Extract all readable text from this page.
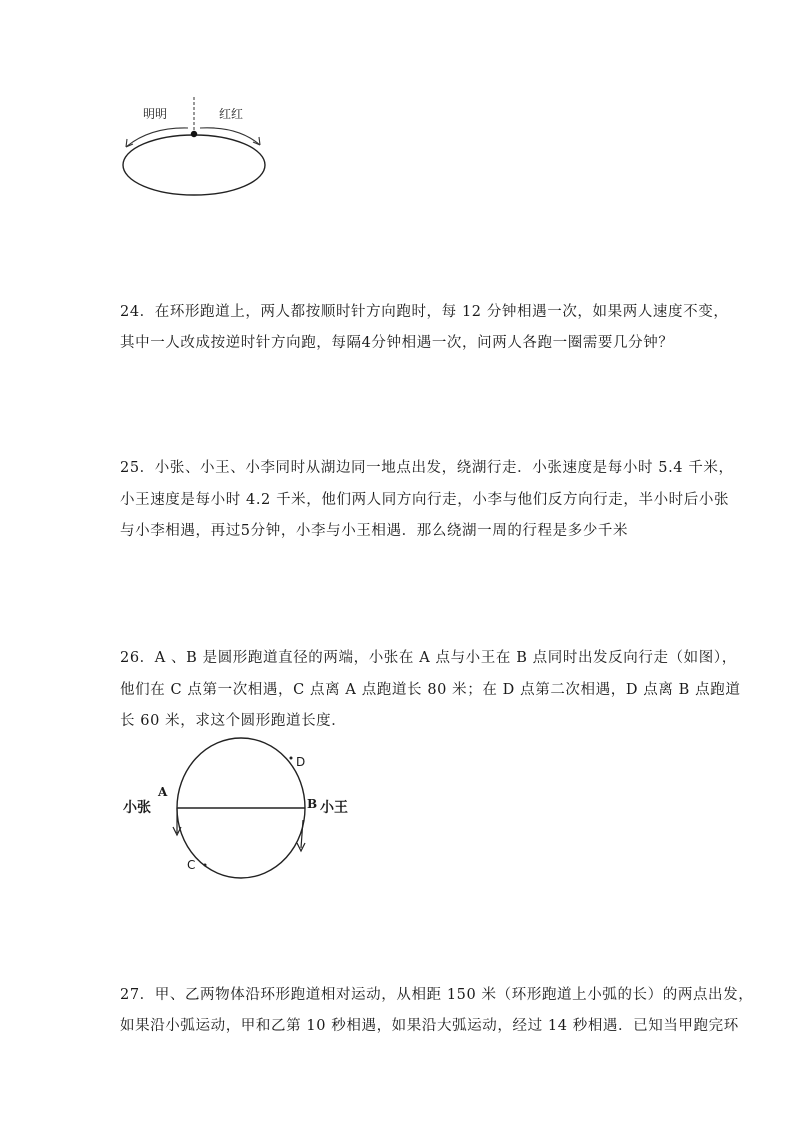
明明	红红
24．在环形跑道上，两人都按顺时针方向跑时，每 12 分钟相遇一次，如果两人速度不变，
其中一人改成按逆时针方向跑，每隔4分钟相遇一次，问两人各跑一圈需要几分钟？
25．小张、小王、小李同时从湖边同一地点出发，绕湖行走．小张速度是每小时 5.4 千米，
小王速度是每小时 4.2 千米，他们两人同方向行走，小李与他们反方向行走，半小时后小张
与小李相遇，再过5分钟，小李与小王相遇．那么绕湖一周的行程是多少千米
26．A 、B 是圆形跑道直径的两端，小张在 A 点与小王在 B 点同时出发反向行走（如图），
他们在 C 点第一次相遇，C 点离 A 点跑道长 80 米；在 D 点第二次相遇，D 点离 B 点跑道
长 60 米，求这个圆形跑道长度．
A
B
C
D
小张	小王
27．甲、乙两物体沿环形跑道相对运动，从相距 150 米（环形跑道上小弧的长）的两点出发，
如果沿小弧运动，甲和乙第 10 秒相遇，如果沿大弧运动，经过 14 秒相遇．已知当甲跑完环
